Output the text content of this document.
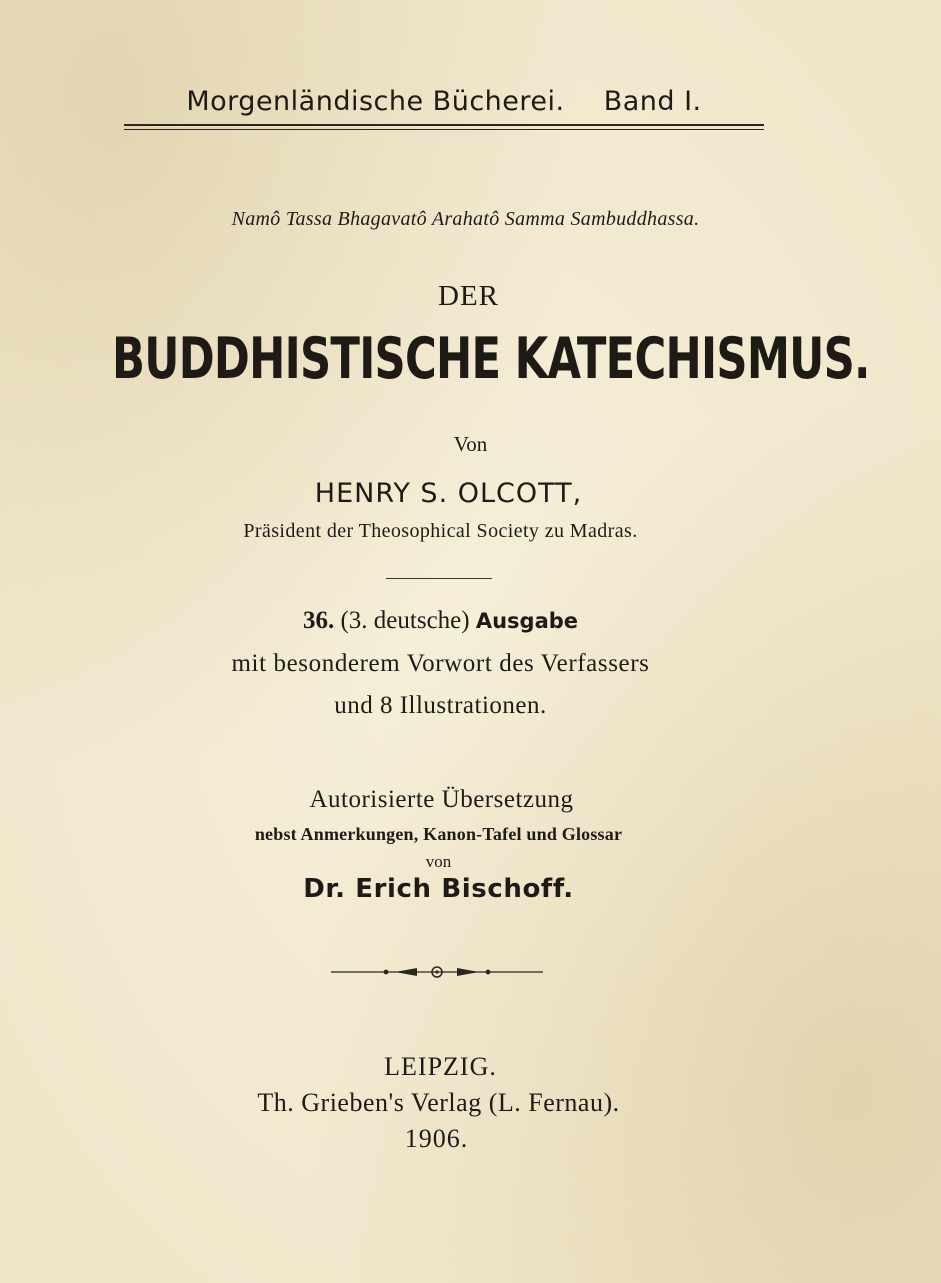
Morgenländische Bücherei. Band I.
Namô Tassa Bhagavatô Arahatô Samma Sambuddhassa.
DER
BUDDHISTISCHE KATECHISMUS.
Von
HENRY S. OLCOTT,
Präsident der Theosophical Society zu Madras.
36. (3. deutsche) Ausgabe
mit besonderem Vorwort des Verfassers
und 8 Illustrationen.
Autorisierte Übersetzung
nebst Anmerkungen, Kanon-Tafel und Glossar
von
Dr. Erich Bischoff.
LEIPZIG.
Th. Grieben's Verlag (L. Fernau).
1906.
